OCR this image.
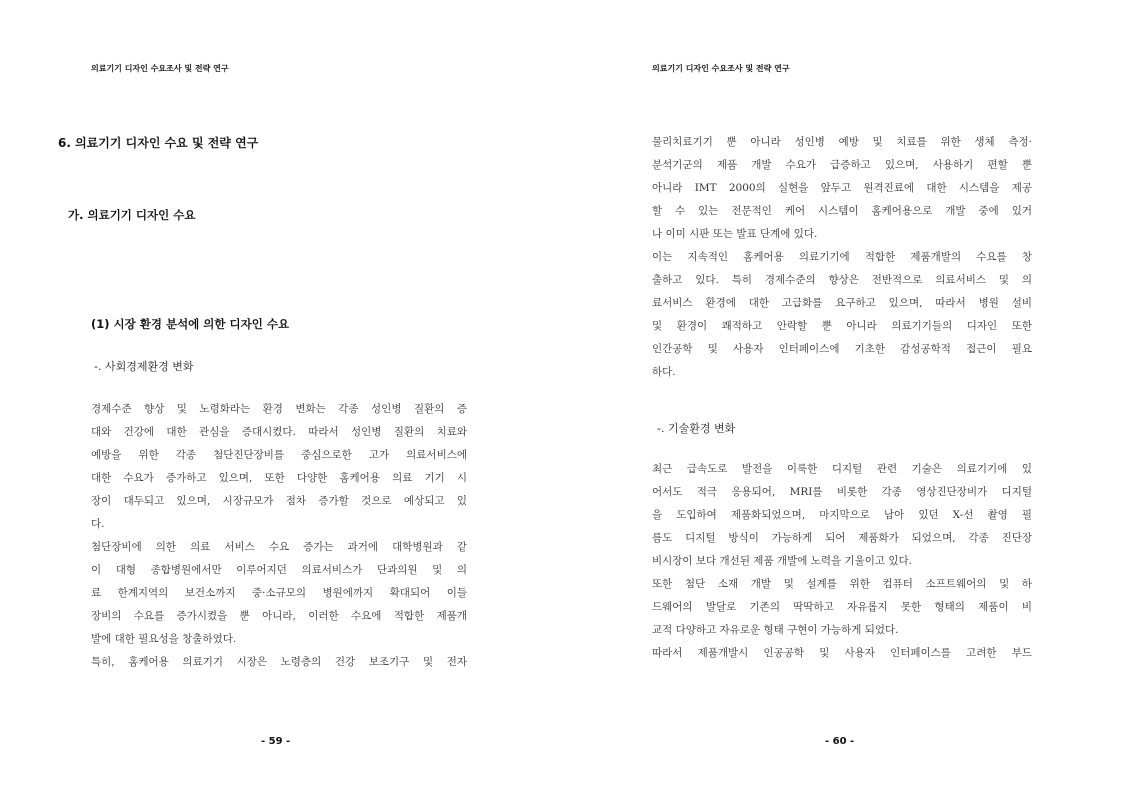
의료기기 디자인 수요조사 및 전략 연구
6. 의료기기 디자인 수요 및 전략 연구
가. 의료기기 디자인 수요
(1) 시장 환경 분석에 의한 디자인 수요
-. 사회경제환경 변화
경제수준 향상 및 노령화라는 환경 변화는 각종 성인병 질환의 증
대와 건강에 대한 관심을 증대시켰다. 따라서 성인병 질환의 치료와
예방을 위한 각종 첨단진단장비를 중심으로한 고가 의료서비스에
대한 수요가 증가하고 있으며, 또한 다양한 홈케어용 의료 기기 시
장이 대두되고 있으며, 시장규모가 점차 증가할 것으로 예상되고 있
다.
첨단장비에 의한 의료 서비스 수요 증가는 과거에 대학병원과 같
이 대형 종합병원에서만 이루어지던 의료서비스가 단과의원 및 의
료 한계지역의 보건소까지 중·소규모의 병원에까지 확대되어 이들
장비의 수요를 증가시켰을 뿐 아니라, 이러한 수요에 적합한 제품개
발에 대한 필요성을 창출하였다.
특히, 홈케어용 의료기기 시장은 노령층의 건강 보조기구 및 전자
- 59 -
의료기기 디자인 수요조사 및 전략 연구
물리치료기기 뿐 아니라 성인병 예방 및 치료를 위한 생체 측정·
분석기군의 제품 개발 수요가 급증하고 있으며, 사용하기 편할 뿐
아니라 IMT 2000의 실현을 앞두고 원격진료에 대한 시스템을 제공
할 수 있는 전문적인 케어 시스템이 홈케어용으로 개발 중에 있거
나 이미 시판 또는 발표 단계에 있다.
이는 지속적인 홈케어용 의료기기에 적합한 제품개발의 수요를 창
출하고 있다. 특히 경제수준의 향상은 전반적으로 의료서비스 및 의
료서비스 환경에 대한 고급화를 요구하고 있으며, 따라서 병원 설비
및 환경이 쾌적하고 안락할 뿐 아니라 의료기기들의 디자인 또한
인간공학 및 사용자 인터페이스에 기초한 감성공학적 접근이 필요
하다.
-. 기술환경 변화
최근 급속도로 발전을 이룩한 디지털 관련 기술은 의료기기에 있
어서도 적극 응용되어, MRI를 비롯한 각종 영상진단장비가 디지털
을 도입하여 제품화되었으며, 마지막으로 남아 있던 X-선 촬영 필
름도 디지털 방식이 가능하게 되어 제품화가 되었으며, 각종 진단장
비시장이 보다 개선된 제품 개발에 노력을 기울이고 있다.
또한 첨단 소재 개발 및 설계를 위한 컴퓨터 소프트웨어의 및 하
드웨어의 발달로 기존의 딱딱하고 자유롭지 못한 형태의 제품이 비
교적 다양하고 자유로운 형태 구현이 가능하게 되었다.
따라서 제품개발시 인공공학 및 사용자 인터페이스를 고려한 부드
- 60 -
